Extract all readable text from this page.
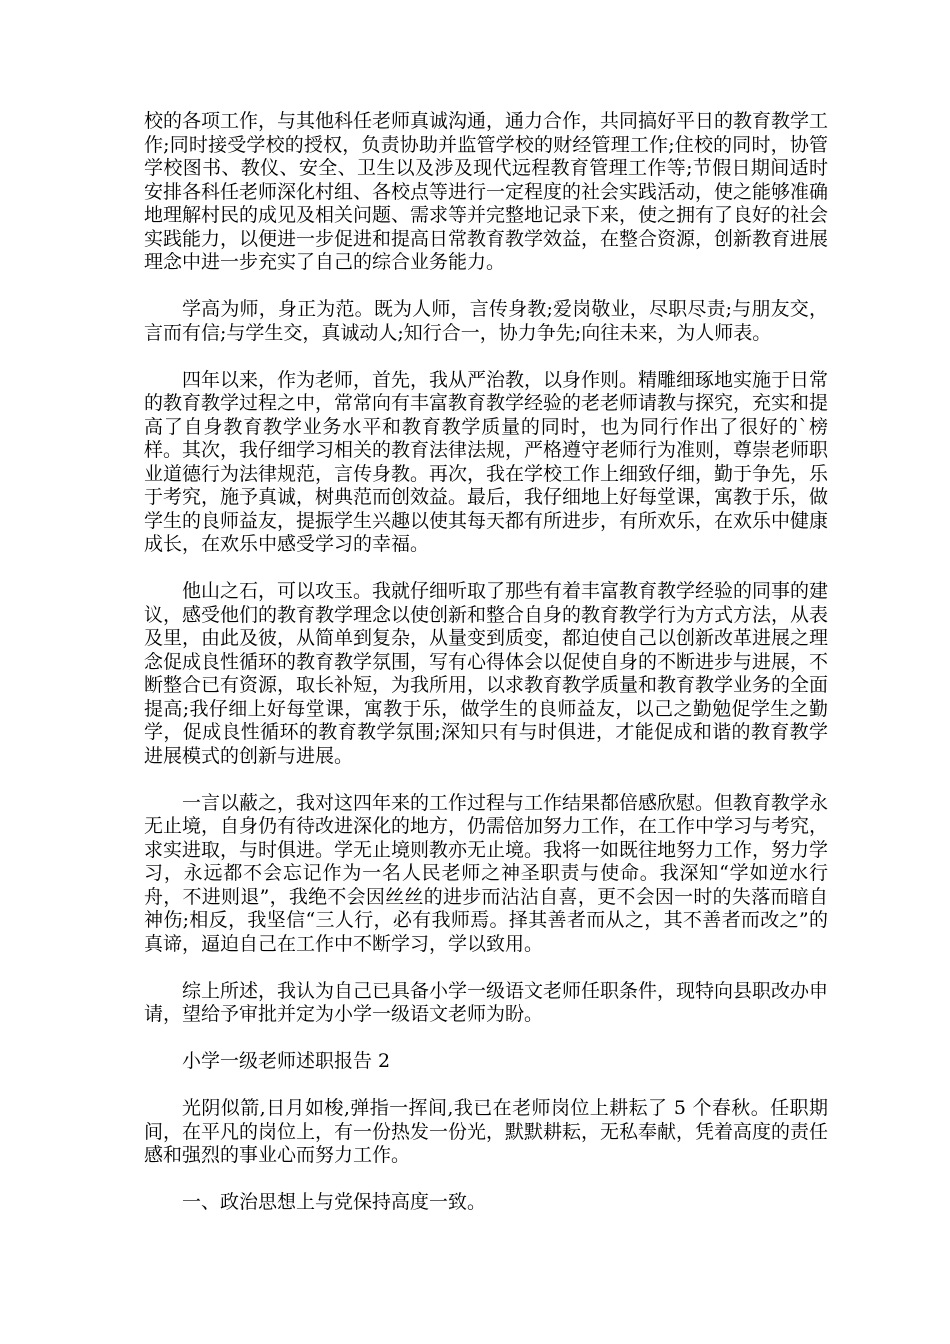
校的各项工作，与其他科任老师真诚沟通，通力合作，共同搞好平日的教育教学工作;同时接受学校的授权，负责协助并监管学校的财经管理工作;住校的同时，协管学校图书、教仪、安全、卫生以及涉及现代远程教育管理工作等;节假日期间适时安排各科任老师深化村组、各校点等进行一定程度的社会实践活动，使之能够准确地理解村民的成见及相关问题、需求等并完整地记录下来，使之拥有了良好的社会实践能力，以便进一步促进和提高日常教育教学效益，在整合资源，创新教育进展理念中进一步充实了自己的综合业务能力。

学高为师，身正为范。既为人师，言传身教;爱岗敬业，尽职尽责;与朋友交，言而有信;与学生交，真诚动人;知行合一，协力争先;向往未来，为人师表。

四年以来，作为老师，首先，我从严治教，以身作则。精雕细琢地实施于日常的教育教学过程之中，常常向有丰富教育教学经验的老老师请教与探究，充实和提高了自身教育教学业务水平和教育教学质量的同时，也为同行作出了很好的`榜样。其次，我仔细学习相关的教育法律法规，严格遵守老师行为准则，尊崇老师职业道德行为法律规范，言传身教。再次，我在学校工作上细致仔细，勤于争先，乐于考究，施予真诚，树典范而创效益。最后，我仔细地上好每堂课，寓教于乐，做学生的良师益友，提振学生兴趣以使其每天都有所进步，有所欢乐，在欢乐中健康成长，在欢乐中感受学习的幸福。

他山之石，可以攻玉。我就仔细听取了那些有着丰富教育教学经验的同事的建议，感受他们的教育教学理念以使创新和整合自身的教育教学行为方式方法，从表及里，由此及彼，从简单到复杂，从量变到质变，都迫使自己以创新改革进展之理念促成良性循环的教育教学氛围，写有心得体会以促使自身的不断进步与进展，不断整合已有资源，取长补短，为我所用，以求教育教学质量和教育教学业务的全面提高;我仔细上好每堂课，寓教于乐，做学生的良师益友，以己之勤勉促学生之勤学，促成良性循环的教育教学氛围;深知只有与时俱进，才能促成和谐的教育教学进展模式的创新与进展。

一言以蔽之，我对这四年来的工作过程与工作结果都倍感欣慰。但教育教学永无止境，自身仍有待改进深化的地方，仍需倍加努力工作，在工作中学习与考究，求实进取，与时俱进。学无止境则教亦无止境。我将一如既往地努力工作，努力学习，永远都不会忘记作为一名人民老师之神圣职责与使命。我深知“学如逆水行舟，不进则退”，我绝不会因丝丝的进步而沾沾自喜，更不会因一时的失落而暗自神伤;相反，我坚信“三人行，必有我师焉。择其善者而从之，其不善者而改之”的真谛，逼迫自己在工作中不断学习，学以致用。

综上所述，我认为自己已具备小学一级语文老师任职条件，现特向县职改办申请，望给予审批并定为小学一级语文老师为盼。

小学一级老师述职报告 2

光阴似箭,日月如梭,弹指一挥间,我已在老师岗位上耕耘了 5 个春秋。任职期间，在平凡的岗位上，有一份热发一份光，默默耕耘，无私奉献，凭着高度的责任感和强烈的事业心而努力工作。

一、政治思想上与党保持高度一致。
